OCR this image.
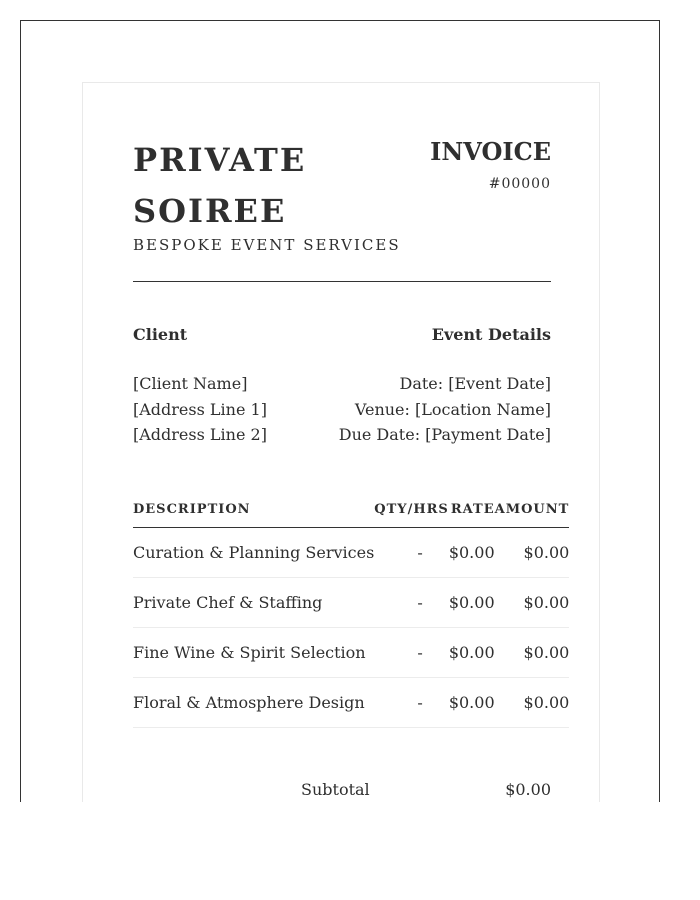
PRIVATE SOIREE
BESPOKE EVENT SERVICES
INVOICE
#00000
Client
[Client Name]
[Address Line 1]
[Address Line 2]
Event Details
Date: [Event Date]
Venue: [Location Name]
Due Date: [Payment Date]
DESCRIPTION	QTY/HRS	RATE	AMOUNT
Curation & Planning Services	-	$0.00	$0.00
Private Chef & Staffing	-	$0.00	$0.00
Fine Wine & Spirit Selection	-	$0.00	$0.00
Floral & Atmosphere Design	-	$0.00	$0.00
Subtotal	$0.00
